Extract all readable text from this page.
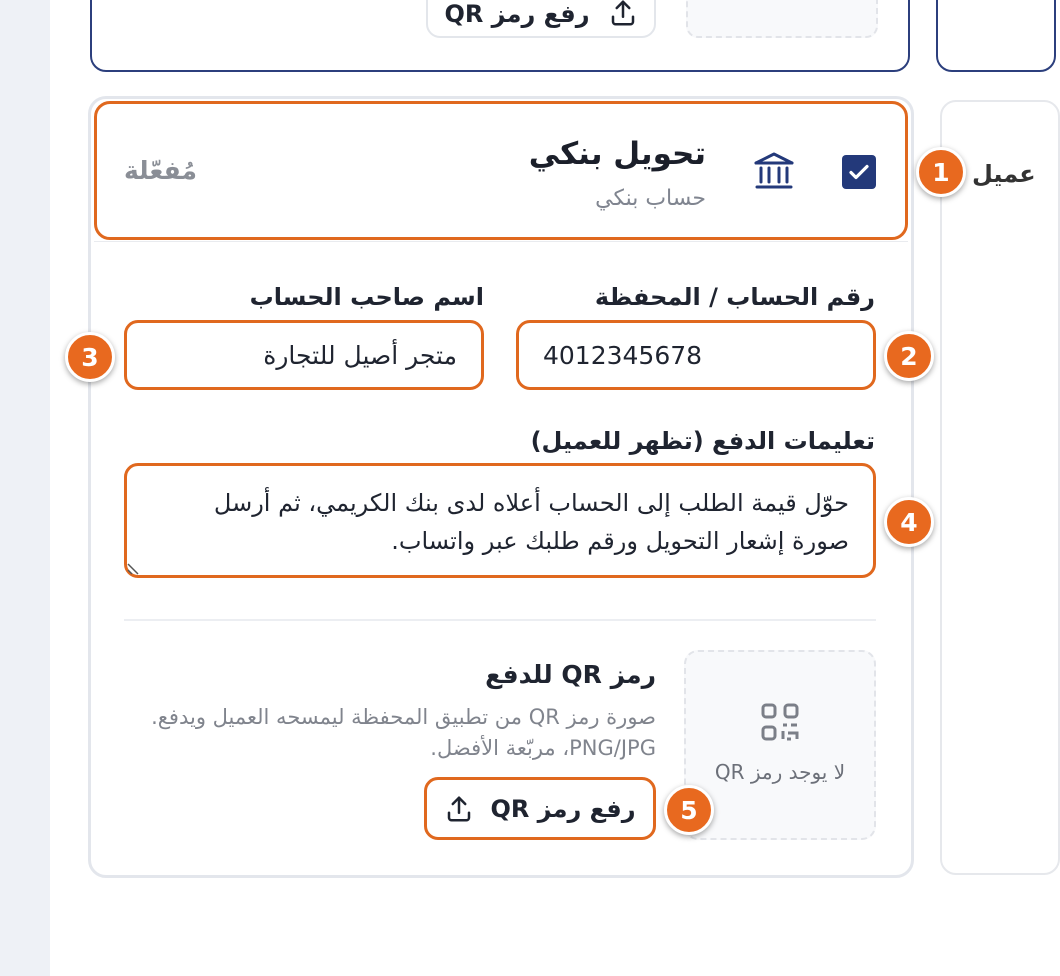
رفع رمز QR
عميل
تحويل بنكي
حساب بنكي
مُفعّلة
رقم الحساب / المحفظة
4012345678
اسم صاحب الحساب
متجر أصيل للتجارة
تعليمات الدفع (تظهر للعميل)
حوّل قيمة الطلب إلى الحساب أعلاه لدى بنك الكريمي، ثم أرسل صورة إشعار التحويل ورقم طلبك عبر واتساب.
لا يوجد رمز QR
رمز QR للدفع
صورة رمز QR من تطبيق المحفظة ليمسحه العميل ويدفع. PNG/JPG، مربّعة الأفضل.
رفع رمز QR
1
2
3
4
5
